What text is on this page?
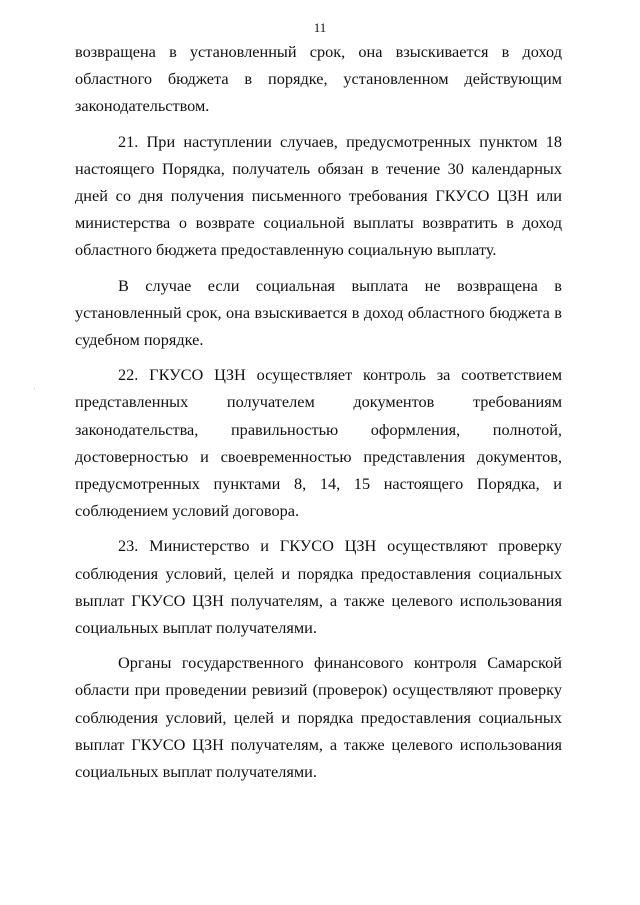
11

возвращена в установленный срок, она взыскивается в доход областного бюджета в порядке, установленном действующим законодательством.

21. При наступлении случаев, предусмотренных пунктом 18 настоящего Порядка, получатель обязан в течение 30 календарных дней со дня получения письменного требования ГКУСО ЦЗН или министерства о возврате социальной выплаты возвратить в доход областного бюджета предоставленную социальную выплату.

В случае если социальная выплата не возвращена в установленный срок, она взыскивается в доход областного бюджета в судебном порядке.

22. ГКУСО ЦЗН осуществляет контроль за соответствием представленных получателем документов требованиям законодательства, правильностью оформления, полнотой, достоверностью и своевременностью представления документов, предусмотренных пунктами 8, 14, 15 настоящего Порядка, и соблюдением условий договора.

23. Министерство и ГКУСО ЦЗН осуществляют проверку соблюдения условий, целей и порядка предоставления социальных выплат ГКУСО ЦЗН получателям, а также целевого использования социальных выплат получателями.

Органы государственного финансового контроля Самарской области при проведении ревизий (проверок) осуществляют проверку соблюдения условий, целей и порядка предоставления социальных выплат ГКУСО ЦЗН получателям, а также целевого использования социальных выплат получателями.
